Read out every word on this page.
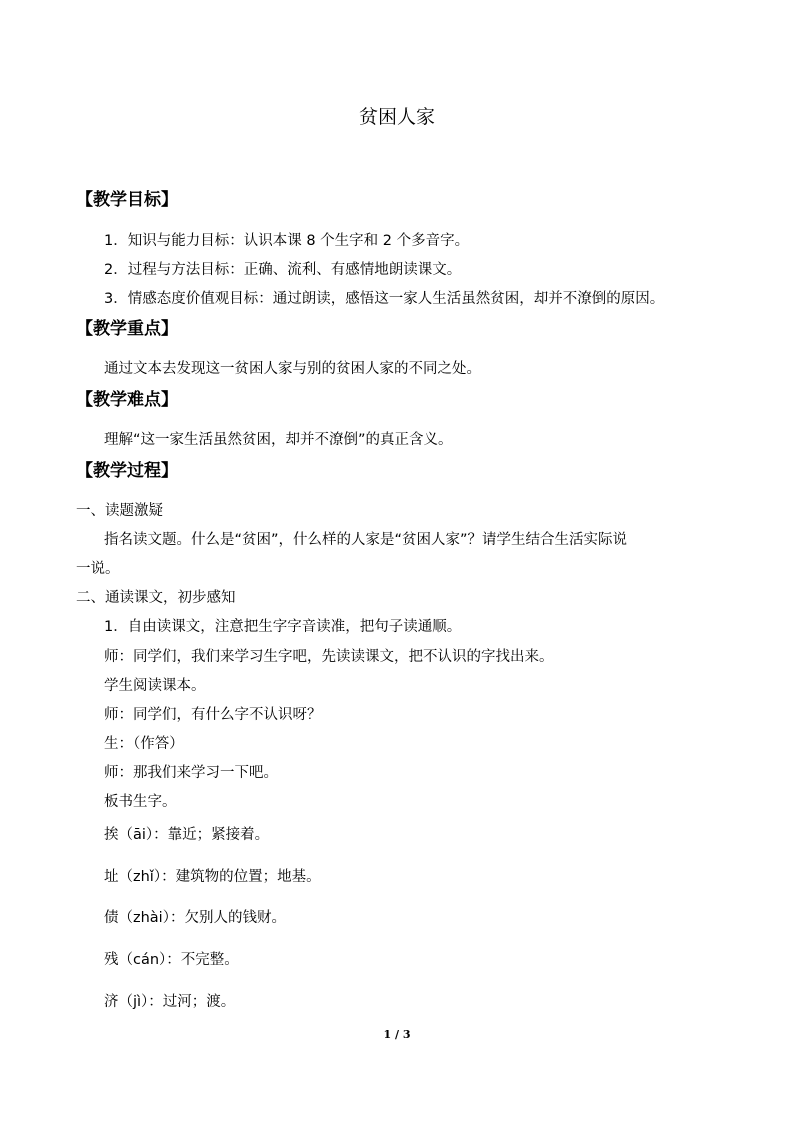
贫困人家
【教学目标】
1．知识与能力目标：认识本课 8 个生字和 2 个多音字。
2．过程与方法目标：正确、流利、有感情地朗读课文。
3．情感态度价值观目标：通过朗读，感悟这一家人生活虽然贫困，却并不潦倒的原因。
【教学重点】
通过文本去发现这一贫困人家与别的贫困人家的不同之处。
【教学难点】
理解“这一家生活虽然贫困，却并不潦倒”的真正含义。
【教学过程】
一、读题激疑
指名读文题。什么是“贫困”，什么样的人家是“贫困人家”？请学生结合生活实际说
一说。
二、通读课文，初步感知
1．自由读课文，注意把生字字音读准，把句子读通顺。
师：同学们，我们来学习生字吧，先读读课文，把不认识的字找出来。
学生阅读课本。
师：同学们，有什么字不认识呀？
生：（作答）
师：那我们来学习一下吧。
板书生字。
挨（āi）：靠近；紧接着。
址（zhǐ）：建筑物的位置；地基。
债（zhài）：欠别人的钱财。
残（cán）：不完整。
济（jì）：过河；渡。
1 / 3
